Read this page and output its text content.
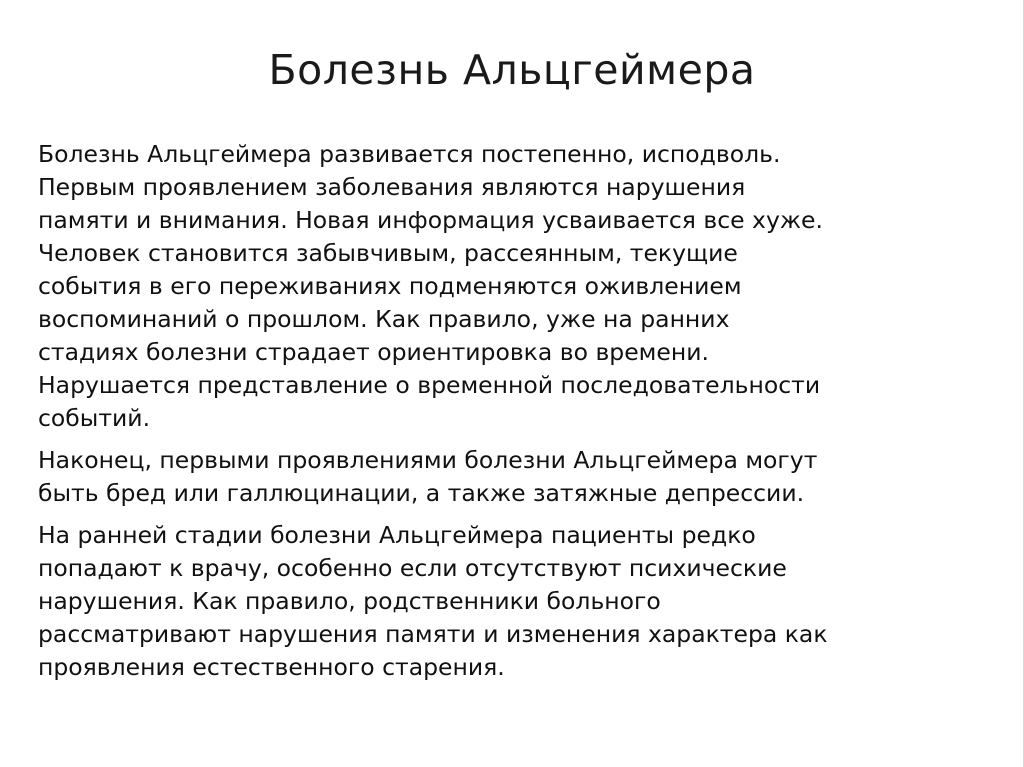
Болезнь Альцгеймера

Болезнь Альцгеймера развивается постепенно, исподволь.
Первым проявлением заболевания являются нарушения
памяти и внимания. Новая информация усваивается все хуже.
Человек становится забывчивым, рассеянным, текущие
события в его переживаниях подменяются оживлением
воспоминаний о прошлом. Как правило, уже на ранних
стадиях болезни страдает ориентировка во времени.
Нарушается представление о временной последовательности
событий.

Наконец, первыми проявлениями болезни Альцгеймера могут
быть бред или галлюцинации, а также затяжные депрессии.

На ранней стадии болезни Альцгеймера пациенты редко
попадают к врачу, особенно если отсутствуют психические
нарушения. Как правило, родственники больного
рассматривают нарушения памяти и изменения характера как
проявления естественного старения.
